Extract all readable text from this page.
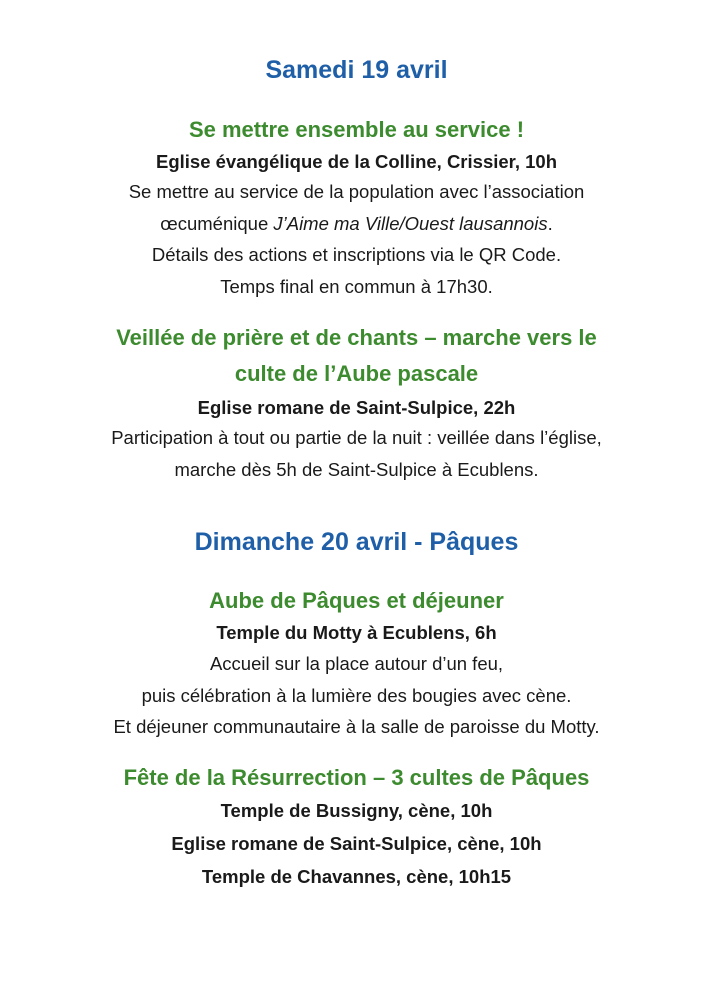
Samedi 19 avril
Se mettre ensemble au service !

Eglise évangélique de la Colline, Crissier, 10h

Se mettre au service de la population avec l’association
œcuménique J’Aime ma Ville/Ouest lausannois.
Détails des actions et inscriptions via le QR Code.
Temps final en commun à 17h30.
Veillée de prière et de chants – marche vers le
culte de l’Aube pascale

Eglise romane de Saint-Sulpice, 22h

Participation à tout ou partie de la nuit : veillée dans l’église,
marche dès 5h de Saint-Sulpice à Ecublens.
Dimanche 20 avril - Pâques
Aube de Pâques et déjeuner

Temple du Motty à Ecublens, 6h

Accueil sur la place autour d’un feu,
puis célébration à la lumière des bougies avec cène.
Et déjeuner communautaire à la salle de paroisse du Motty.
Fête de la Résurrection – 3 cultes de Pâques

Temple de Bussigny, cène, 10h

Eglise romane de Saint-Sulpice, cène, 10h

Temple de Chavannes, cène, 10h15
